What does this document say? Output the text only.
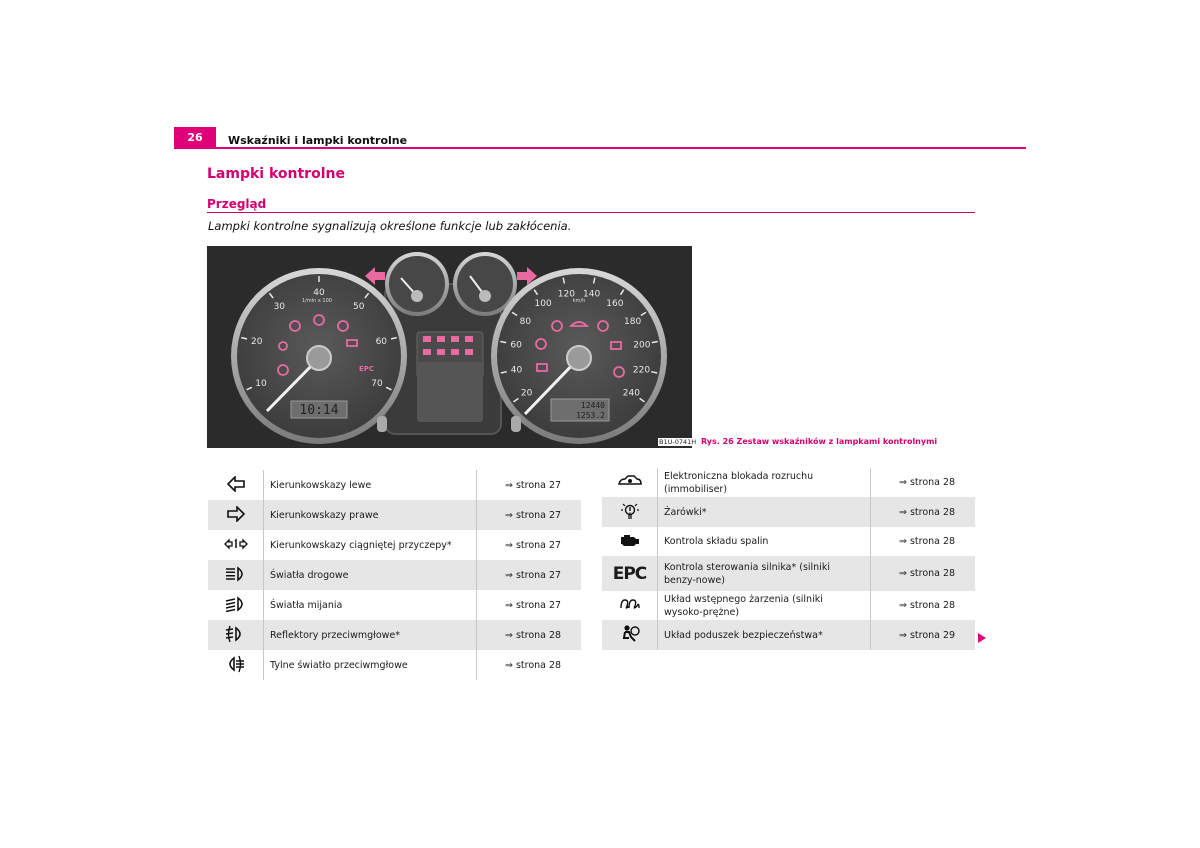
26	Wskaźniki i lampki kontrolne
Lampki kontrolne
Przegląd
Lampki kontrolne sygnalizują określone funkcje lub zakłócenia.
10
20
30
40
50
60
70
1/min x 100
10:14
20
40
60
80
100
120 140
160
180
200
220
240
km/h
12440
1253.2
EPC
B1U-0741H Rys. 26 Zestaw wskaźników z lampkami kontrolnymi
	Kierunkowskazy lewe	⇒ strona 27
	Kierunkowskazy prawe	⇒ strona 27
	Kierunkowskazy ciągniętej przyczepy*	⇒ strona 27
	Światła drogowe	⇒ strona 27
	Światła mijania	⇒ strona 27
	Reflektory przeciwmgłowe*	⇒ strona 28
	Tylne światło przeciwmgłowe	⇒ strona 28
	Elektroniczna blokada rozruchu (immobiliser)	⇒ strona 28
	Żarówki*	⇒ strona 28
	Kontrola składu spalin	⇒ strona 28
EPC	Kontrola sterowania silnika* (silniki benzy-nowe)	⇒ strona 28
	Układ wstępnego żarzenia (silniki wysoko-prężne)	⇒ strona 28
	Układ poduszek bezpieczeństwa*	⇒ strona 29
